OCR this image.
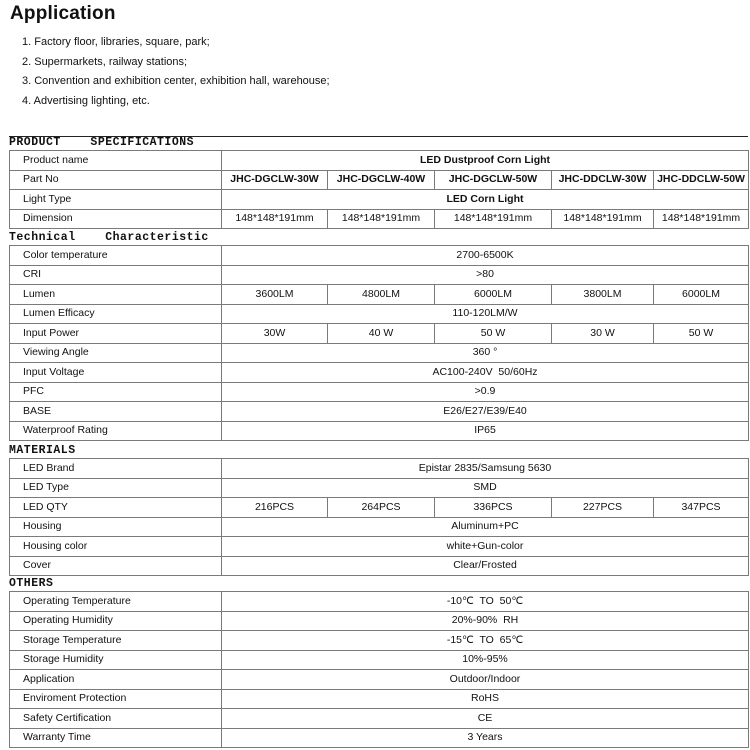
Application
1. Factory floor, libraries, square, park;
2. Supermarkets, railway stations;
3. Convention and exhibition center, exhibition hall, warehouse;
4. Advertising lighting, etc.
PRODUCT    SPECIFICATIONS
Product name	LED Dustproof Corn Light				
Part No	JHC-DGCLW-30W	JHC-DGCLW-40W	JHC-DGCLW-50W	JHC-DDCLW-30W	JHC-DDCLW-50W
Light Type	LED Corn Light				
Dimension	148*148*191mm	148*148*191mm	148*148*191mm	148*148*191mm	148*148*191mm
Technical    Characteristic
Color temperature	2700-6500K				
CRI	>80				
Lumen	3600LM	4800LM	6000LM	3800LM	6000LM
Lumen Efficacy	110-120LM/W				
Input Power	30W	40 W	50 W	30 W	50 W
Viewing Angle	360 °				
Input Voltage	AC100-240V  50/60Hz				
PFC	>0.9				
BASE	E26/E27/E39/E40				
Waterproof Rating	IP65				
MATERIALS
LED Brand	Epistar 2835/Samsung 5630				
LED Type	SMD				
LED QTY	216PCS	264PCS	336PCS	227PCS	347PCS
Housing	Aluminum+PC				
Housing color	white+Gun-color				
Cover	Clear/Frosted				
OTHERS
Operating Temperature	-10℃  TO  50℃
Operating Humidity	20%-90%  RH
Storage Temperature	-15℃  TO  65℃
Storage Humidity	10%-95%
Application	Outdoor/Indoor
Enviroment Protection	RoHS
Safety Certification	CE
Warranty Time	3 Years
